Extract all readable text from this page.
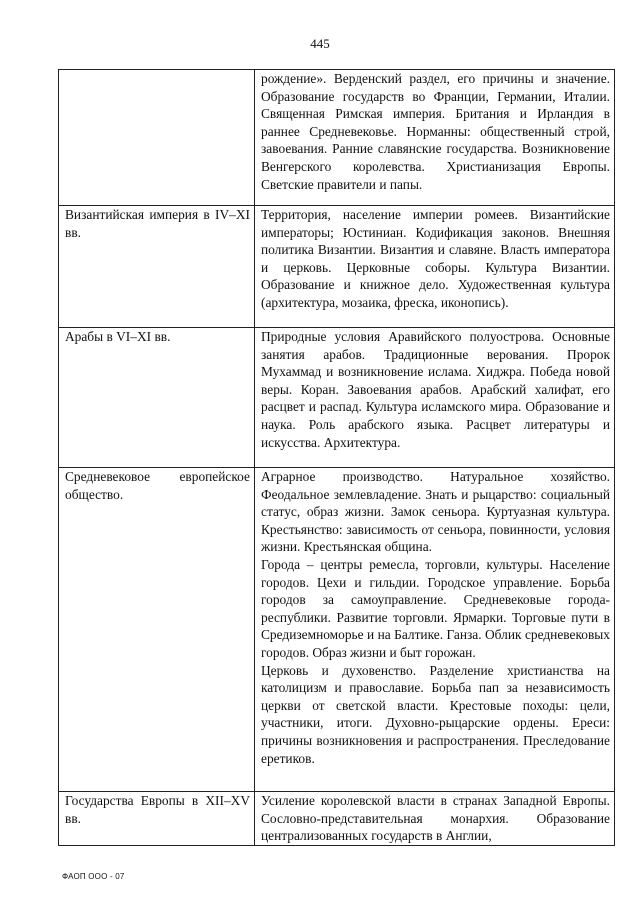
445

	рождение». Верденский раздел, его причины и значение. Образование государств во Франции, Германии, Италии. Священная Римская империя. Британия и Ирландия в раннее Средневековье. Норманны: общественный строй, завоевания. Ранние славянские государства. Возникновение Венгерского королевства. Христианизация Европы. Светские правители и папы.

Византийская империя в IV–XI вв.	Территория, население империи ромеев. Византийские императоры; Юстиниан. Кодификация законов. Внешняя политика Византии. Византия и славяне. Власть императора и церковь. Церковные соборы. Культура Византии. Образование и книжное дело. Художественная культура (архитектура, мозаика, фреска, иконопись).

Арабы в VI–XI вв.	Природные условия Аравийского полуострова. Основные занятия арабов. Традиционные верования. Пророк Мухаммад и возникновение ислама. Хиджра. Победа новой веры. Коран. Завоевания арабов. Арабский халифат, его расцвет и распад. Культура исламского мира. Образование и наука. Роль арабского языка. Расцвет литературы и искусства. Архитектура.

Средневековое европейское общество.	Аграрное производство. Натуральное хозяйство. Феодальное землевладение. Знать и рыцарство: социальный статус, образ жизни. Замок сеньора. Куртуазная культура. Крестьянство: зависимость от сеньора, повинности, условия жизни. Крестьянская община.

Города – центры ремесла, торговли, культуры. Население городов. Цехи и гильдии. Городское управление. Борьба городов за самоуправление. Средневековые города-республики. Развитие торговли. Ярмарки. Торговые пути в Средиземноморье и на Балтике. Ганза. Облик средневековых городов. Образ жизни и быт горожан.

Церковь и духовенство. Разделение христианства на католицизм и православие. Борьба пап за независимость церкви от светской власти. Крестовые походы: цели, участники, итоги. Духовно-рыцарские ордены. Ереси: причины возникновения и распространения. Преследование еретиков.

Государства Европы в XII–XV вв.	Усиление королевской власти в странах Западной Европы. Сословно-представительная монархия. Образование централизованных государств в Англии,

ФАОП ООО - 07
